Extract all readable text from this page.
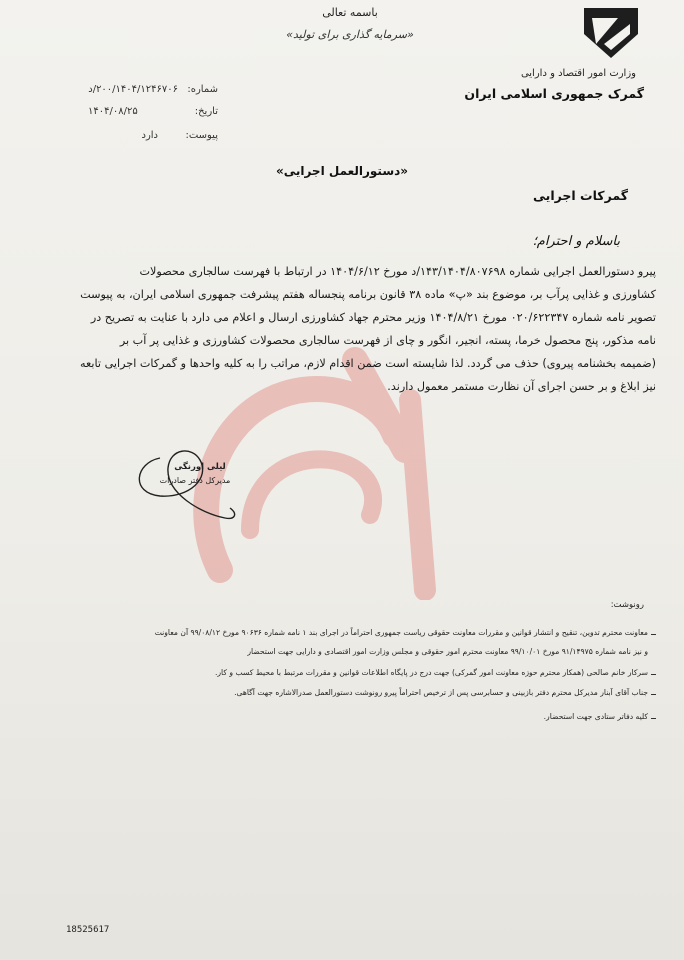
باسمه تعالی
«سرمایه گذاری برای تولید»
وزارت امور اقتصاد و دارایی
گمرک جمهوری اسلامی ایران
شماره:
۲۰۰/۱۴۰۴/۱۲۴۶۷۰۶/د
تاریخ:
۱۴۰۴/۰۸/۲۵
پیوست:
دارد
«دستورالعمل اجرایی»
گمرکات اجرایی
باسلام و احترام؛
پیرو دستورالعمل اجرایی شماره ۱۴۳/۱۴۰۴/۸۰۷۶۹۸/د مورخ ۱۴۰۴/۶/۱۲ در ارتباط با فهرست سالجاری محصولات
کشاورزی و غذایی پرآب بر، موضوع بند «پ» ماده ۳۸ قانون برنامه پنجساله هفتم پیشرفت جمهوری اسلامی ایران، به پیوست
تصویر نامه شماره ۰۲۰/۶۲۲۳۴۷ مورخ ۱۴۰۴/۸/۲۱ وزیر محترم جهاد کشاورزی ارسال و اعلام می دارد با عنایت به تصریح در
نامه مذکور، پنج محصول خرما، پسته، انجیر، انگور و چای از فهرست سالجاری محصولات کشاورزی و غذایی پر آب بر
(ضمیمه بخشنامه پیروی) حذف می گردد. لذا شایسته است ضمن اقدام لازم، مراتب را به کلیه واحدها و گمرکات اجرایی تابعه
نیز ابلاغ و بر حسن اجرای آن نظارت مستمر معمول دارند.
لیلی اورنگی
مدیرکل دفتر صادرات
رونوشت:
معاونت محترم تدوین، تنقیح و انتشار قوانین و مقررات معاونت حقوقی ریاست جمهوری احتراماً در اجرای بند ۱ نامه شماره ۹۰۶۳۶ مورخ ۹۹/۰۸/۱۲ آن معاونت
و نیز نامه شماره ۹۱/۱۴۹۷۵ مورخ ۹۹/۱۰/۰۱ معاونت محترم امور حقوقی و مجلس وزارت امور اقتصادی و دارایی جهت استحضار
سرکار خانم صالحی (همکار محترم حوزه معاونت امور گمرکی) جهت درج در پایگاه اطلاعات قوانین و مقررات مرتبط با محیط کسب و کار.
جناب آقای آبنار مدیرکل محترم دفتر بازبینی و حسابرسی پس از ترخیص احتراماً پیرو رونوشت دستورالعمل صدرالاشاره جهت آگاهی.
کلیه دفاتر ستادی جهت استحضار.
18525617
